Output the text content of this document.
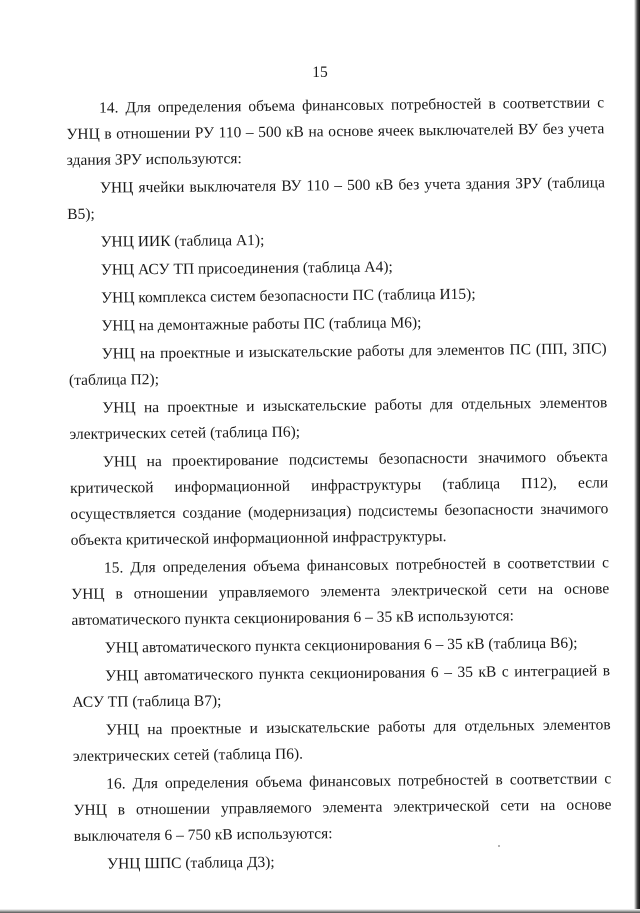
15

14. Для определения объема финансовых потребностей в соответствии с УНЦ в отношении РУ 110 – 500 кВ на основе ячеек выключателей ВУ без учета здания ЗРУ используются:

УНЦ ячейки выключателя ВУ 110 – 500 кВ без учета здания ЗРУ (таблица В5);

УНЦ ИИК (таблица А1);

УНЦ АСУ ТП присоединения (таблица А4);

УНЦ комплекса систем безопасности ПС (таблица И15);

УНЦ на демонтажные работы ПС (таблица М6);

УНЦ на проектные и изыскательские работы для элементов ПС (ПП, ЗПС) (таблица П2);

УНЦ на проектные и изыскательские работы для отдельных элементов электрических сетей (таблица П6);

УНЦ на проектирование подсистемы безопасности значимого объекта критической информационной инфраструктуры (таблица П12), если осуществляется создание (модернизация) подсистемы безопасности значимого объекта критической информационной инфраструктуры.

15. Для определения объема финансовых потребностей в соответствии с УНЦ в отношении управляемого элемента электрической сети на основе автоматического пункта секционирования 6 – 35 кВ используются:

УНЦ автоматического пункта секционирования 6 – 35 кВ (таблица В6);

УНЦ автоматического пункта секционирования 6 – 35 кВ с интеграцией в АСУ ТП (таблица В7);

УНЦ на проектные и изыскательские работы для отдельных элементов электрических сетей (таблица П6).

16. Для определения объема финансовых потребностей в соответствии с УНЦ в отношении управляемого элемента электрической сети на основе выключателя 6 – 750 кВ используются:

УНЦ ШПС (таблица Д3);
